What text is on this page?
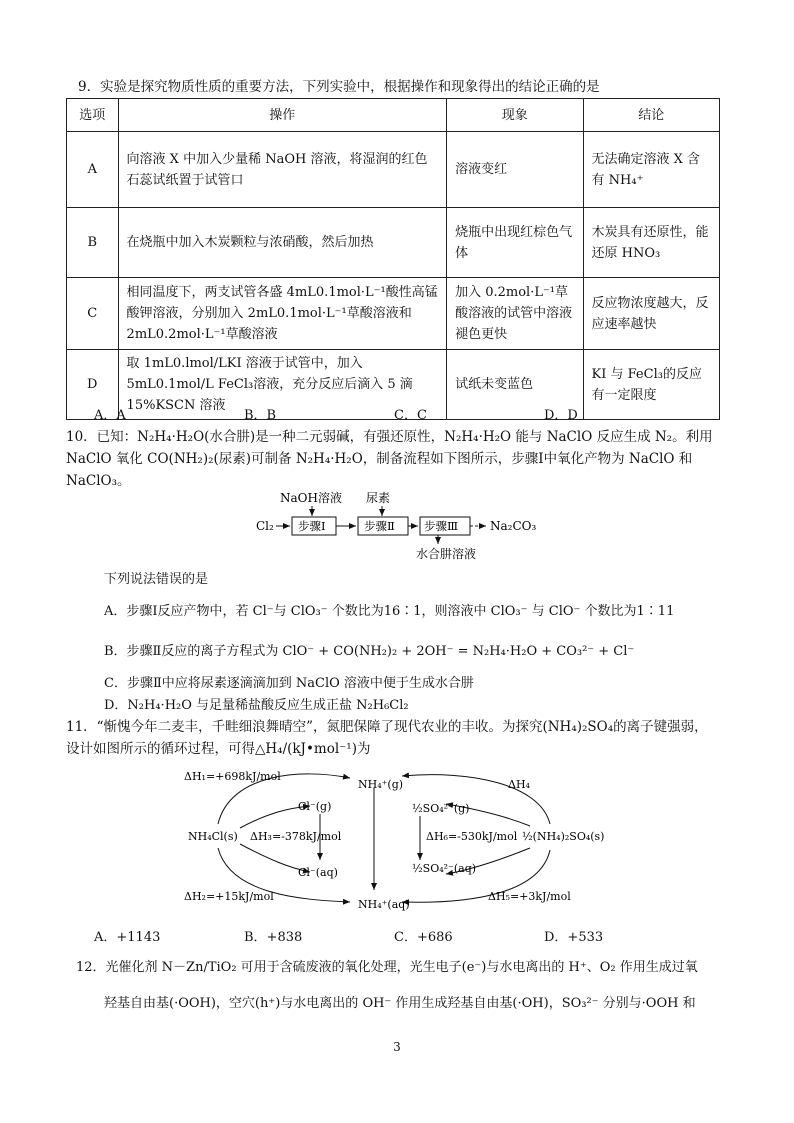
9．实验是探究物质性质的重要方法，下列实验中，根据操作和现象得出的结论正确的是
选项	操作	现象	结论
A	向溶液 X 中加入少量稀 NaOH 溶液，将湿润的红色石蕊试纸置于试管口	溶液变红	无法确定溶液 X 含有 NH₄⁺
B	在烧瓶中加入木炭颗粒与浓硝酸，然后加热	烧瓶中出现红棕色气体	木炭具有还原性，能还原 HNO₃
C	相同温度下，两支试管各盛 4mL0.1mol·L⁻¹酸性高锰酸钾溶液，分别加入 2mL0.1mol·L⁻¹草酸溶液和 2mL0.2mol·L⁻¹草酸溶液	加入 0.2mol·L⁻¹草酸溶液的试管中溶液褪色更快	反应物浓度越大，反应速率越快
D	取 1mL0.lmol/LKI 溶液于试管中，加入 5mL0.1mol/L FeCl₃溶液，充分反应后滴入 5 滴 15%KSCN 溶液	试纸未变蓝色	KI 与 FeCl₃的反应有一定限度
A．A	B．B	C．C	D．D
10．已知：N₂H₄·H₂O(水合肼)是一种二元弱碱，有强还原性，N₂H₄·H₂O 能与 NaClO 反应生成 N₂。利用 NaClO 氧化 CO(NH₂)₂(尿素)可制备 N₂H₄·H₂O，制备流程如下图所示，步骤Ⅰ中氧化产物为 NaClO 和 NaClO₃。
NaOH溶液 尿素
Cl₂ 步骤Ⅰ	步骤Ⅱ	步骤Ⅲ	Na₂CO₃
水合肼溶液
下列说法错误的是
A．步骤Ⅰ反应产物中，若 Cl⁻与 ClO₃⁻ 个数比为16∶1，则溶液中 ClO₃⁻ 与 ClO⁻ 个数比为1∶11
B．步骤Ⅱ反应的离子方程式为 ClO⁻ + CO(NH₂)₂ + 2OH⁻ = N₂H₄·H₂O + CO₃²⁻ + Cl⁻
C．步骤Ⅱ中应将尿素逐滴滴加到 NaClO 溶液中便于生成水合肼
D．N₂H₄·H₂O 与足量稀盐酸反应生成正盐 N₂H₆Cl₂
11．“惭愧今年二麦丰，千畦细浪舞晴空”，氮肥保障了现代农业的丰收。为探究(NH₄)₂SO₄的离子键强弱，设计如图所示的循环过程，可得△H₄/(kJ•mol⁻¹)为
ΔH₁=+698kJ/mol
NH₄⁺(g)	ΔH₄
Cl⁻(g)	½SO₄²⁻(g)
NH₄Cl(s) ΔH₃=-378kJ/mol	ΔH₆=-530kJ/mol ½(NH₄)₂SO₄(s)
Cl⁻(aq)	½SO₄²⁻(aq)
ΔH₂=+15kJ/mol
NH₄⁺(aq)
ΔH₅=+3kJ/mol
A．+1143	B．+838	C．+686	D．+533
12．光催化剂 N－Zn/TiO₂ 可用于含硫废液的氧化处理，光生电子(e⁻)与水电离出的 H⁺、O₂ 作用生成过氧
羟基自由基(·OOH)，空穴(h⁺)与水电离出的 OH⁻ 作用生成羟基自由基(·OH)，SO₃²⁻ 分别与·OOH 和
3
